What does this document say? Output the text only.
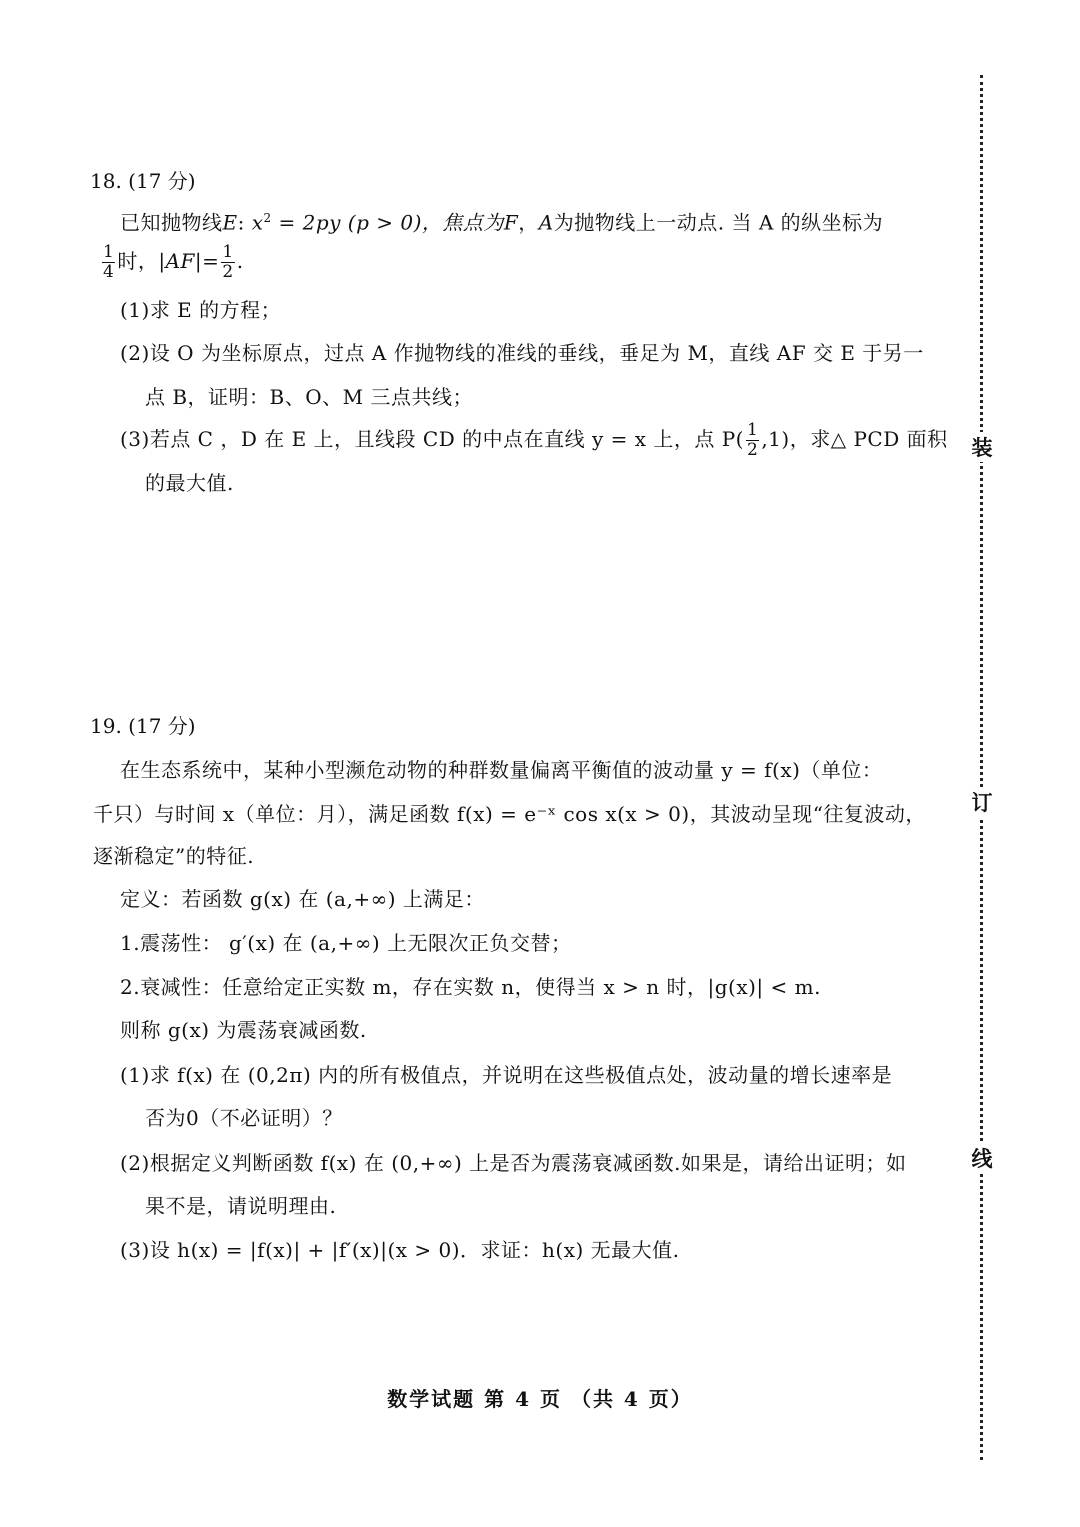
18. (17 分)
已知抛物线E: $x^2 = 2py$ (p > 0)，焦点为F，A为抛物线上一动点. 当 A 的纵坐标为
$\frac{1}{4}$ 时，$|AF|= \frac{1}{2}$ .
(1)求 E 的方程；
(2)设 O 为坐标原点，过点 A 作抛物线的准线的垂线，垂足为 M，直线 AF 交 E 于另一
点 B，证明：B、O、M 三点共线；
(3)若点 C ，D 在 E 上，且线段 CD 的中点在直线 y = x 上，点 $P( \frac{1}{2} ,1)$，求△ PCD 面积
的最大值.
19. (17 分)
在生态系统中，某种小型濒危动物的种群数量偏离平衡值的波动量 y = f(x)（单位：
千只）与时间 x（单位：月），满足函数 f(x) = e⁻ˣ cos x(x > 0)，其波动呈现“往复波动，
逐渐稳定”的特征.
定义：若函数 g(x) 在 (a,+∞) 上满足：
1.震荡性： g′(x) 在 (a,+∞) 上无限次正负交替；
2.衰减性：任意给定正实数 m，存在实数 n，使得当 x > n 时，|g(x)| < m.
则称 g(x) 为震荡衰减函数.
(1)求 f(x) 在 (0,2π) 内的所有极值点，并说明在这些极值点处，波动量的增长速率是
否为0（不必证明）？
(2)根据定义判断函数 f(x) 在 (0,+∞) 上是否为震荡衰减函数.如果是，请给出证明；如
果不是，请说明理由.
(3)设 h(x) = |f(x)| + |f′(x)|(x > 0)．求证：h(x) 无最大值.
数学试题 第 4 页 （共 4 页）
装
订
线
